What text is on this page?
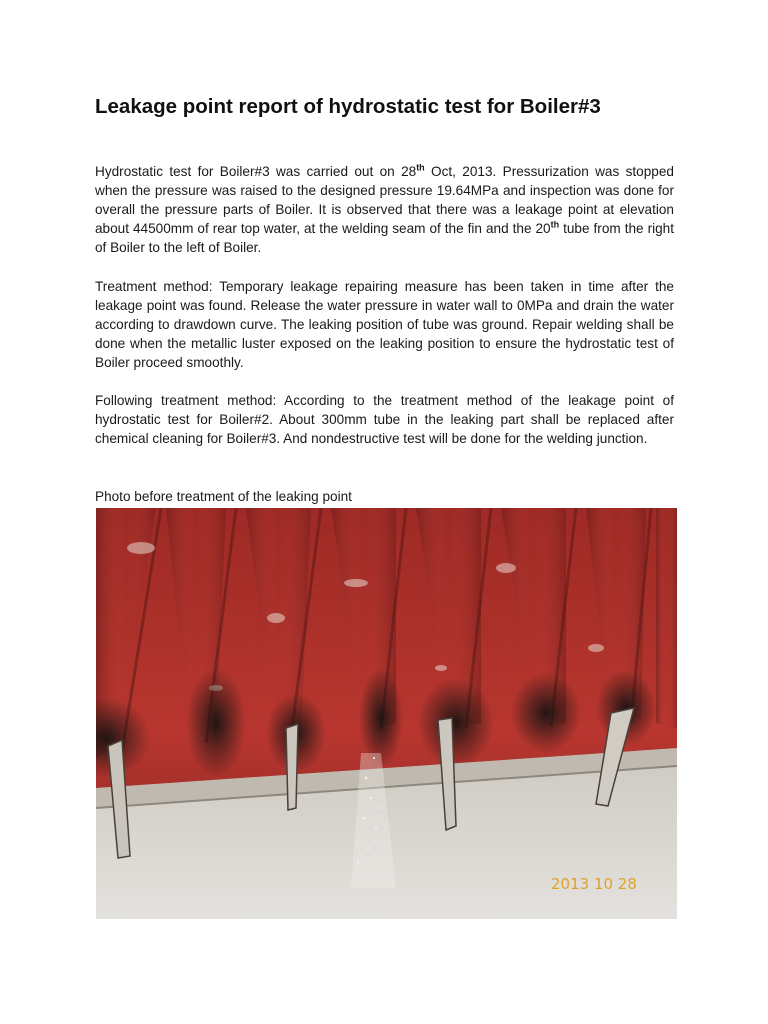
Leakage point report of hydrostatic test for Boiler#3

Hydrostatic test for Boiler#3 was carried out on 28th Oct, 2013. Pressurization was stopped when the pressure was raised to the designed pressure 19.64MPa and inspection was done for overall the pressure parts of Boiler. It is observed that there was a leakage point at elevation about 44500mm of rear top water, at the welding seam of the fin and the 20th tube from the right of Boiler to the left of Boiler.

Treatment method: Temporary leakage repairing measure has been taken in time after the leakage point was found. Release the water pressure in water wall to 0MPa and drain the water according to drawdown curve. The leaking position of tube was ground. Repair welding shall be done when the metallic luster exposed on the leaking position to ensure the hydrostatic test of Boiler proceed smoothly.

Following treatment method: According to the treatment method of the leakage point of hydrostatic test for Boiler#2. About 300mm tube in the leaking part shall be replaced after chemical cleaning for Boiler#3. And nondestructive test will be done for the welding junction.

Photo before treatment of the leaking point

2013 10 28
